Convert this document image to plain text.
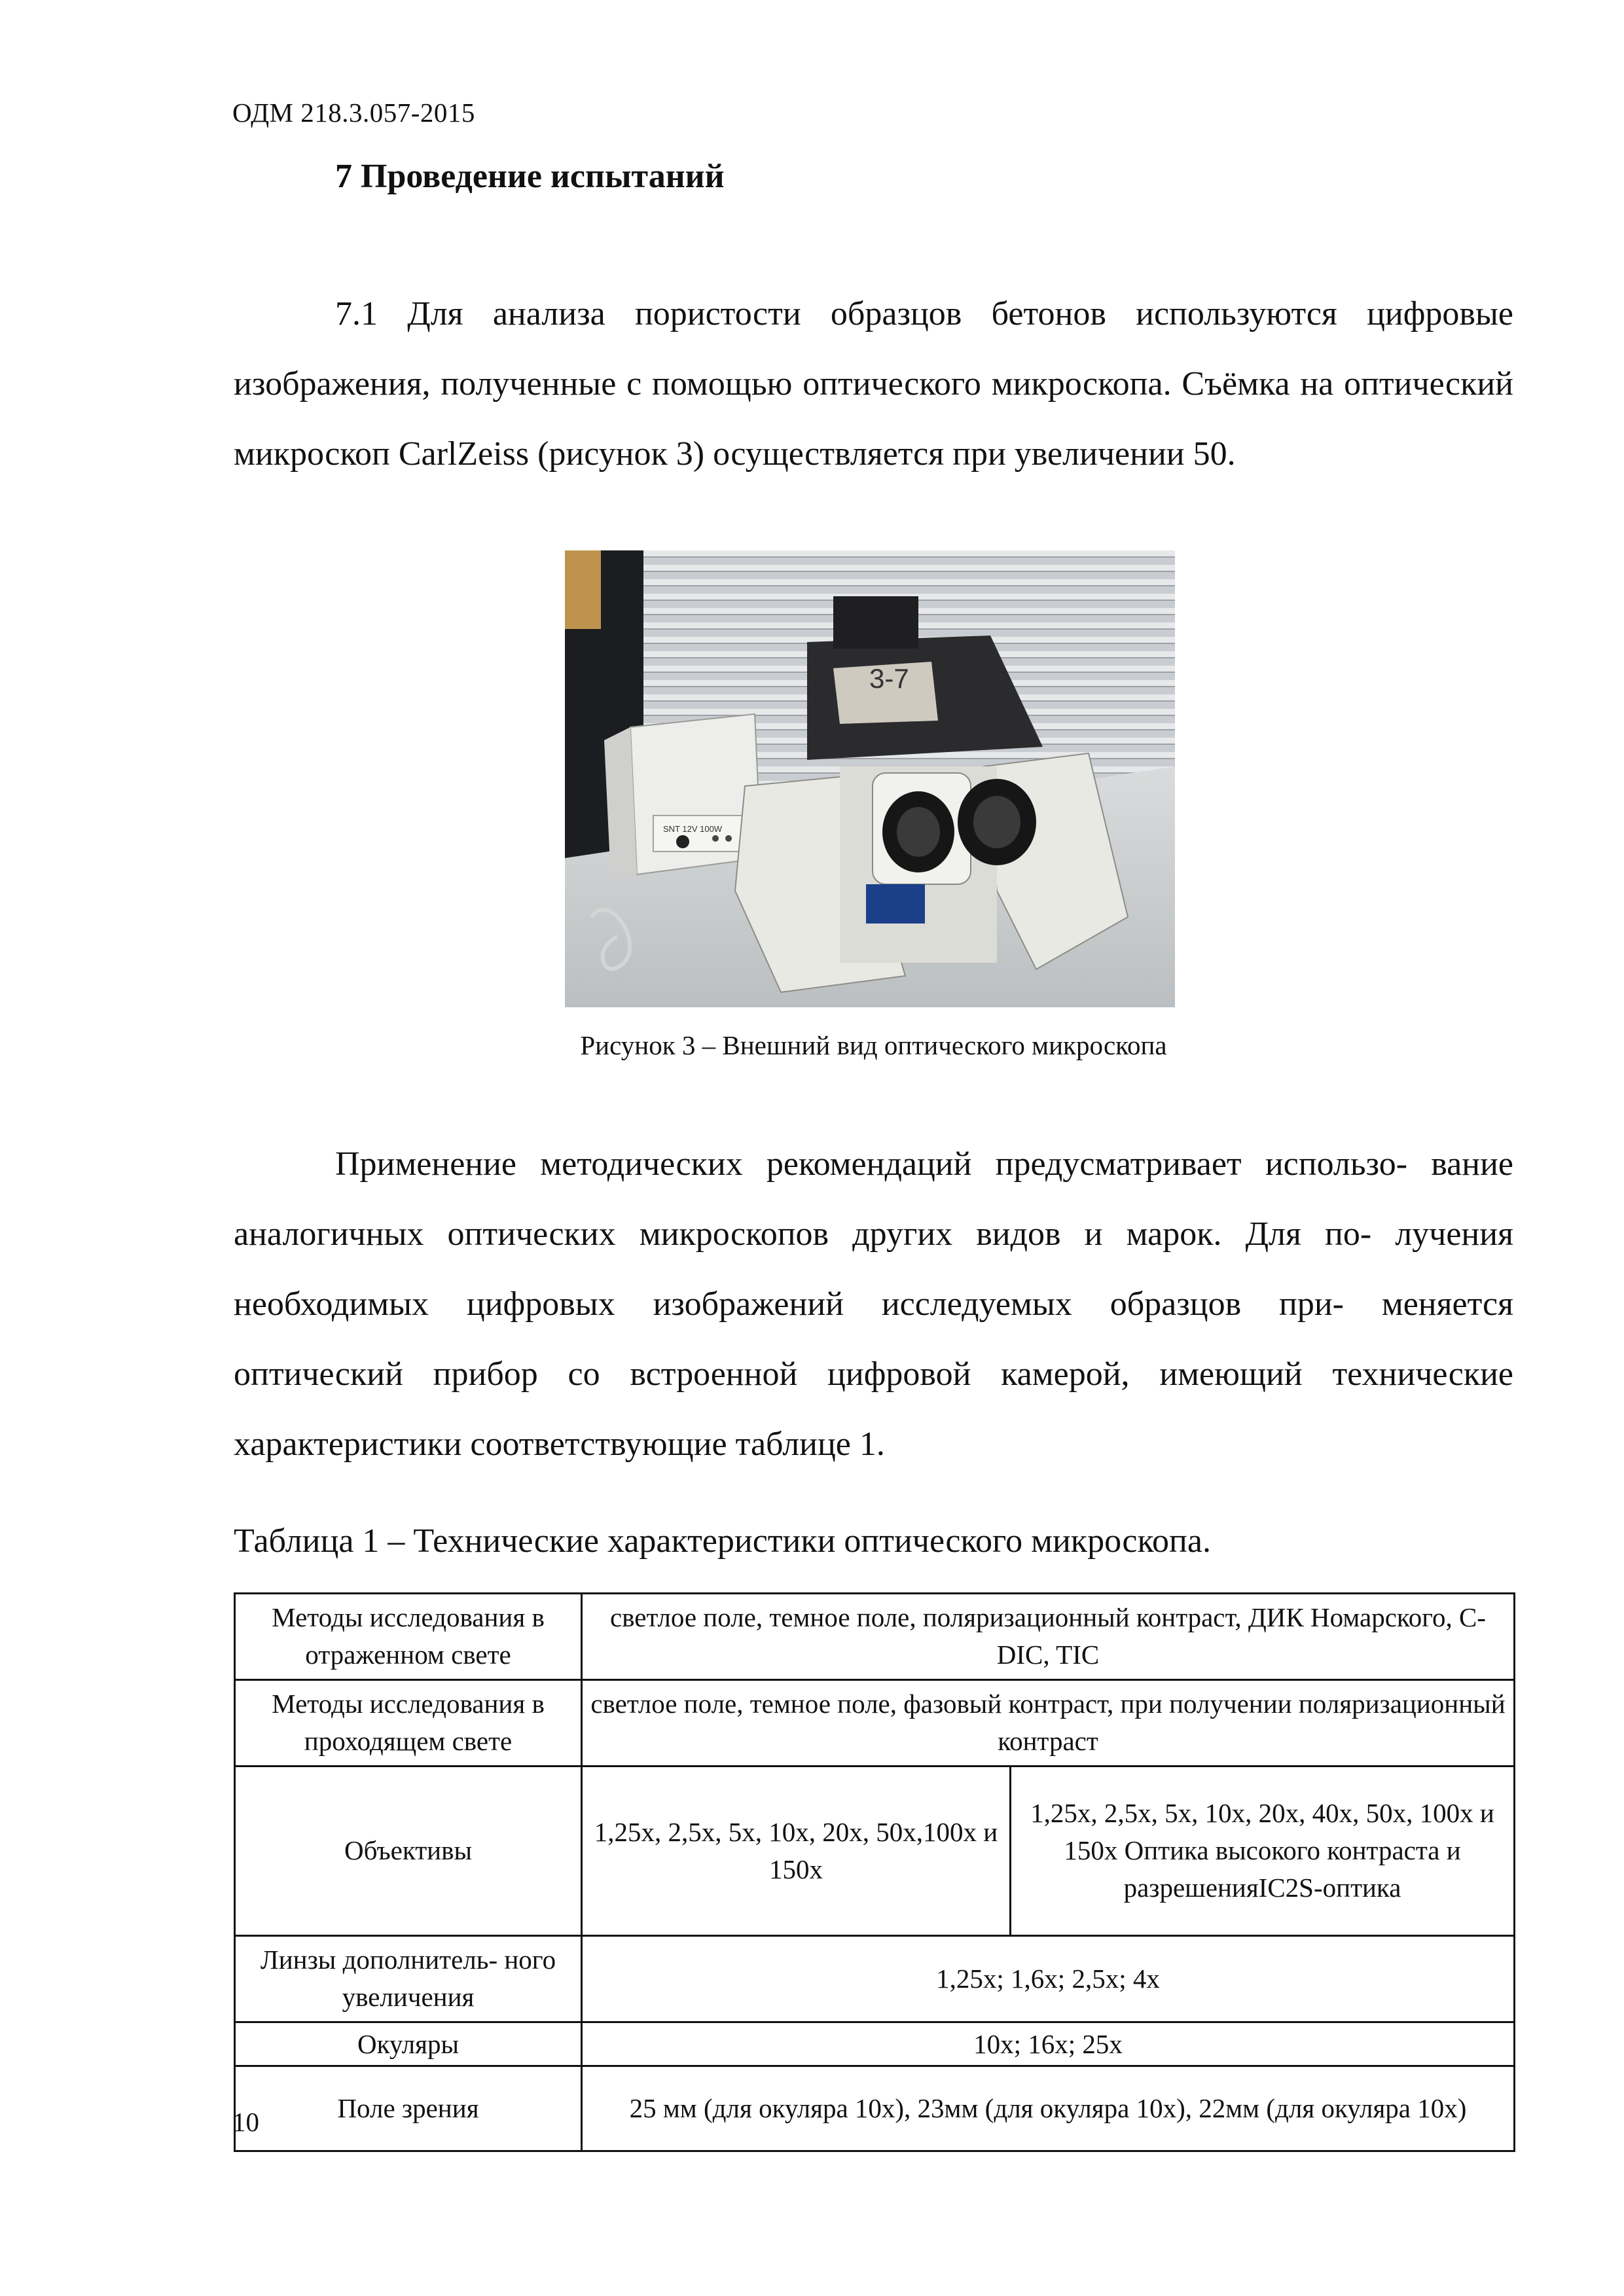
ОДМ 218.3.057-2015
7 Проведение испытаний

7.1 Для анализа пористости образцов бетонов используются цифровые изображения, полученные с помощью оптического микроскопа. Съёмка на оптический микроскоп CarlZeiss (рисунок 3) осуществляется при увеличении 50.

SNT 12V 100W
3-7
Рисунок 3 – Внешний вид оптического микроскопа

Применение методических рекомендаций предусматривает использо- вание аналогичных оптических микроскопов других видов и марок. Для по- лучения необходимых цифровых изображений исследуемых образцов при- меняется оптический прибор со встроенной цифровой камерой, имеющий технические характеристики соответствующие таблице 1.

Таблица 1 – Технические характеристики оптического микроскопа.
Методы исследования в отраженном свете	светлое поле, темное поле, поляризационный контраст, ДИК Номарского, C-DIC, TIC	
Методы исследования в проходящем свете	светлое поле, темное поле, фазовый контраст, при получении поляризационный контраст	
Объективы	1,25х, 2,5х, 5х, 10х, 20х, 50х,100х и 150х	1,25х, 2,5х, 5х, 10х, 20х, 40х, 50х, 100х и 150х Оптика высокого контраста и разрешенияIC2S-оптика
Линзы дополнитель- ного увеличения	1,25х; 1,6х; 2,5х; 4х	
Окуляры	10х; 16х; 25х	
Поле зрения	25 мм (для окуляра 10х), 23мм (для окуляра 10х), 22мм (для окуляра 10х)	
10
